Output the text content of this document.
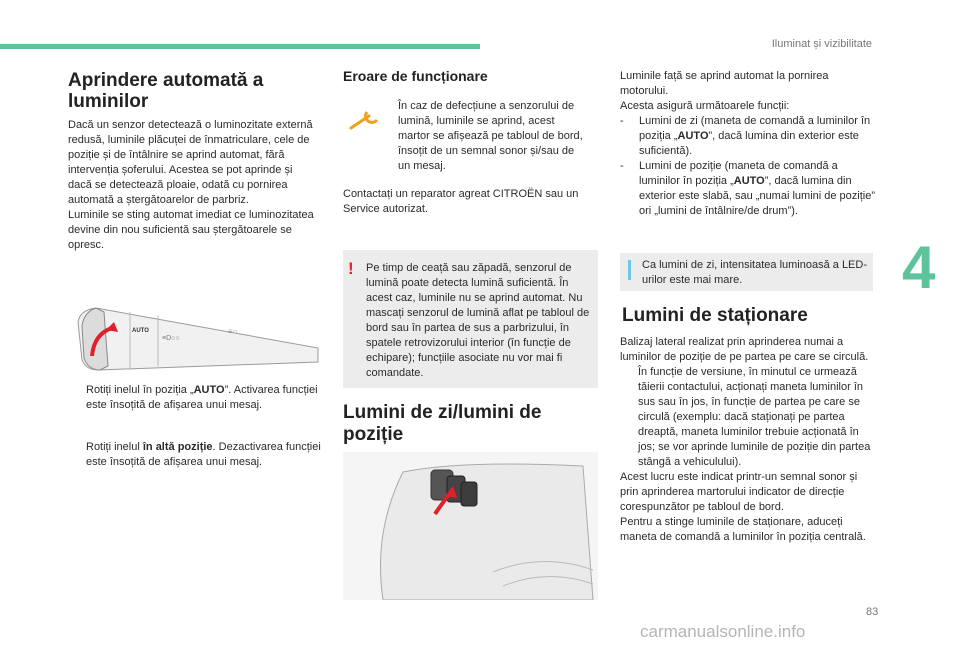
Iluminat și vizibilitate
4
83
carmanualsonline.info
Aprindere automată a luminilor

Dacă un senzor detectează o luminozitate externă redusă, luminile plăcuței de înmatriculare, cele de poziție și de întâlnire se aprind automat, fără intervenția șoferului. Acestea se pot aprinde și dacă se detectează ploaie, odată cu pornirea automată a ștergătoarelor de parbriz.

Luminile se sting automat imediat ce luminozitatea devine din nou suficientă sau ștergătoarele se opresc.

AUTO
≡D○○
≡○
Rotiți inelul în poziția „AUTO”. Activarea funcției este însoțită de afișarea unui mesaj.
Rotiți inelul în altă poziție. Dezactivarea funcției este însoțită de afișarea unui mesaj.
Eroare de funcționare

În caz de defecțiune a senzorului de lumină, luminile se aprind, acest martor se afișează pe tabloul de bord, însoțit de un semnal sonor și/sau de un mesaj.

Contactați un reparator agreat CITROËN sau un Service autorizat.

! Pe timp de ceață sau zăpadă, senzorul de lumină poate detecta lumină suficientă. În acest caz, luminile nu se aprind automat. Nu mascați senzorul de lumină aflat pe tabloul de bord sau în partea de sus a parbrizului, în spatele retrovizorului interior (în funcție de echipare); funcțiile asociate nu vor mai fi comandate.

Lumini de zi/lumini de poziție

Luminile față se aprind automat la pornirea motorului.

Acesta asigură următoarele funcții:

-	Lumini de zi (maneta de comandă a luminilor în poziția „AUTO”, dacă lumina din exterior este suficientă).
-	Lumini de poziție (maneta de comandă a luminilor în poziția „AUTO”, dacă lumina din exterior este slabă, sau „numai lumini de poziție” ori „lumini de întâlnire/de drum”).

Ca lumini de zi, intensitatea luminoasă a LED-urilor este mai mare.

Lumini de staționare

Balizaj lateral realizat prin aprinderea numai a luminilor de poziție de pe partea pe care se circulă.

În funcție de versiune, în minutul ce urmează tăierii contactului, acționați maneta luminilor în sus sau în jos, în funcție de partea pe care se circulă (exemplu: dacă staționați pe partea dreaptă, maneta luminilor trebuie acționată în jos; se vor aprinde luminile de poziție din partea stângă a vehiculului).

Acest lucru este indicat printr-un semnal sonor și prin aprinderea martorului indicator de direcție corespunzător pe tabloul de bord.

Pentru a stinge luminile de staționare, aduceți maneta de comandă a luminilor în poziția centrală.
